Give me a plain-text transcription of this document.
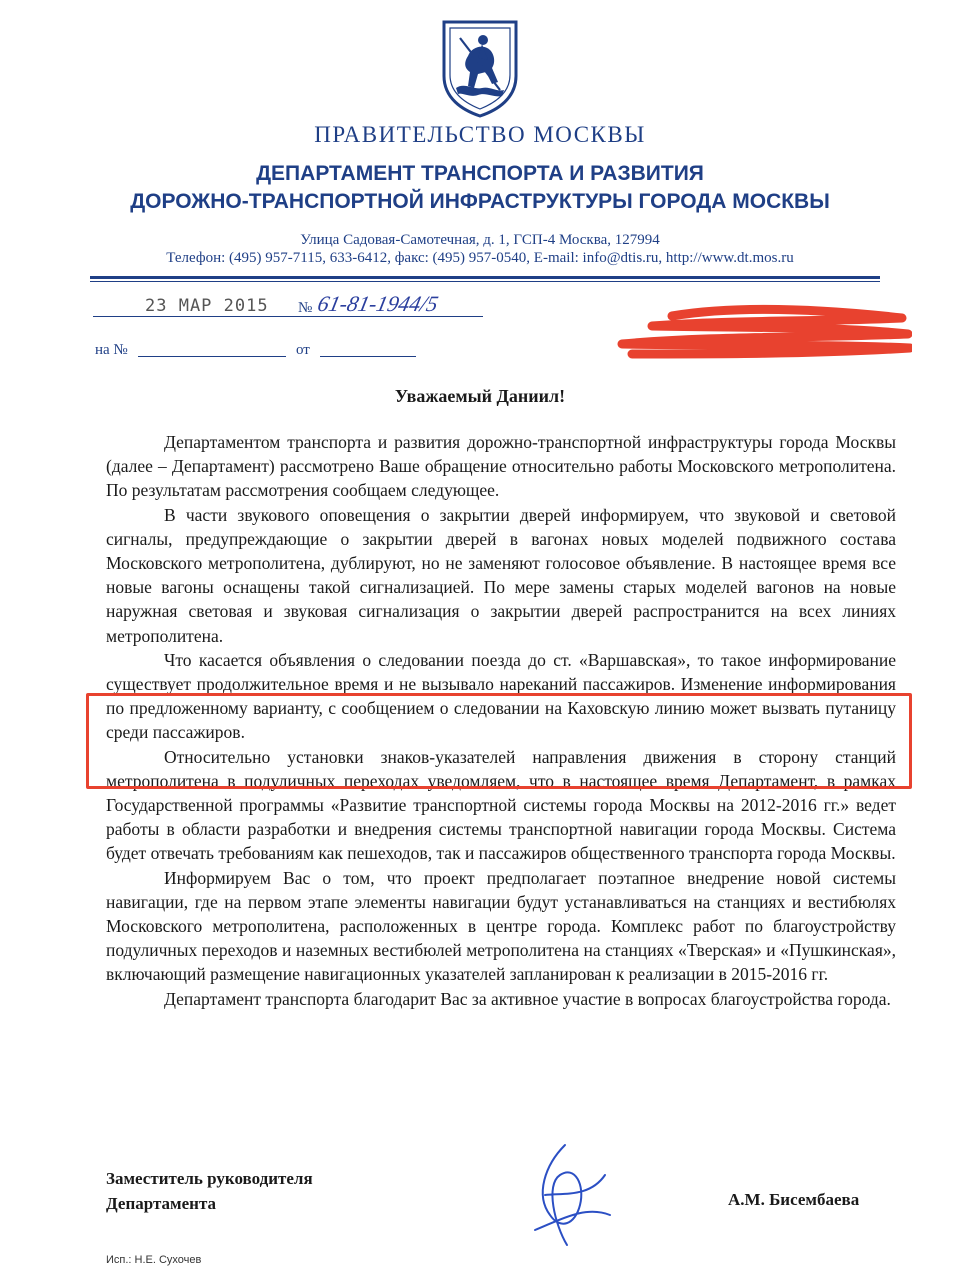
ПРАВИТЕЛЬСТВО МОСКВЫ
ДЕПАРТАМЕНТ ТРАНСПОРТА И РАЗВИТИЯ
ДОРОЖНО-ТРАНСПОРТНОЙ ИНФРАСТРУКТУРЫ ГОРОДА МОСКВЫ
Улица Садовая-Самотечная, д. 1, ГСП-4 Москва, 127994
Телефон: (495) 957-7115, 633-6412, факс: (495) 957-0540, E-mail: info@dtis.ru, http://www.dt.mos.ru
23 МАР 2015 № 61-81-1944/5
на №	от
Уважаемый Даниил!

Департаментом транспорта и развития дорожно-транспортной инфраструктуры города Москвы (далее – Департамент) рассмотрено Ваше обращение относительно работы Московского метрополитена. По результатам рассмотрения сообщаем следующее.

В части звукового оповещения о закрытии дверей информируем, что звуковой и световой сигналы, предупреждающие о закрытии дверей в вагонах новых моделей подвижного состава Московского метрополитена, дублируют, но не заменяют голосовое объявление. В настоящее время все новые вагоны оснащены такой сигнализацией. По мере замены старых моделей вагонов на новые наружная световая и звуковая сигнализация о закрытии дверей распространится на всех линиях метрополитена.

Что касается объявления о следовании поезда до ст. «Варшавская», то такое информирование существует продолжительное время и не вызывало нареканий пассажиров. Изменение информирования по предложенному варианту, с сообщением о следовании на Каховскую линию может вызвать путаницу среди пассажиров.

Относительно установки знаков-указателей направления движения в сторону станций метрополитена в подуличных переходах уведомляем, что в настоящее время Департамент, в рамках Государственной программы «Развитие транспортной системы города Москвы на 2012-2016 гг.» ведет работы в области разработки и внедрения системы транспортной навигации города Москвы. Система будет отвечать требованиям как пешеходов, так и пассажиров общественного транспорта города Москвы.

Информируем Вас о том, что проект предполагает поэтапное внедрение новой системы навигации, где на первом этапе элементы навигации будут устанавливаться на станциях и вестибюлях Московского метрополитена, расположенных в центре города. Комплекс работ по благоустройству подуличных переходов и наземных вестибюлей метрополитена на станциях «Тверская» и «Пушкинская», включающий размещение навигационных указателей запланирован к реализации в 2015-2016 гг.

Департамент транспорта благодарит Вас за активное участие в вопросах благоустройства города.

Заместитель руководителя
Департамента	А.М. Бисембаева
Исп.: Н.Е. Сухочев
